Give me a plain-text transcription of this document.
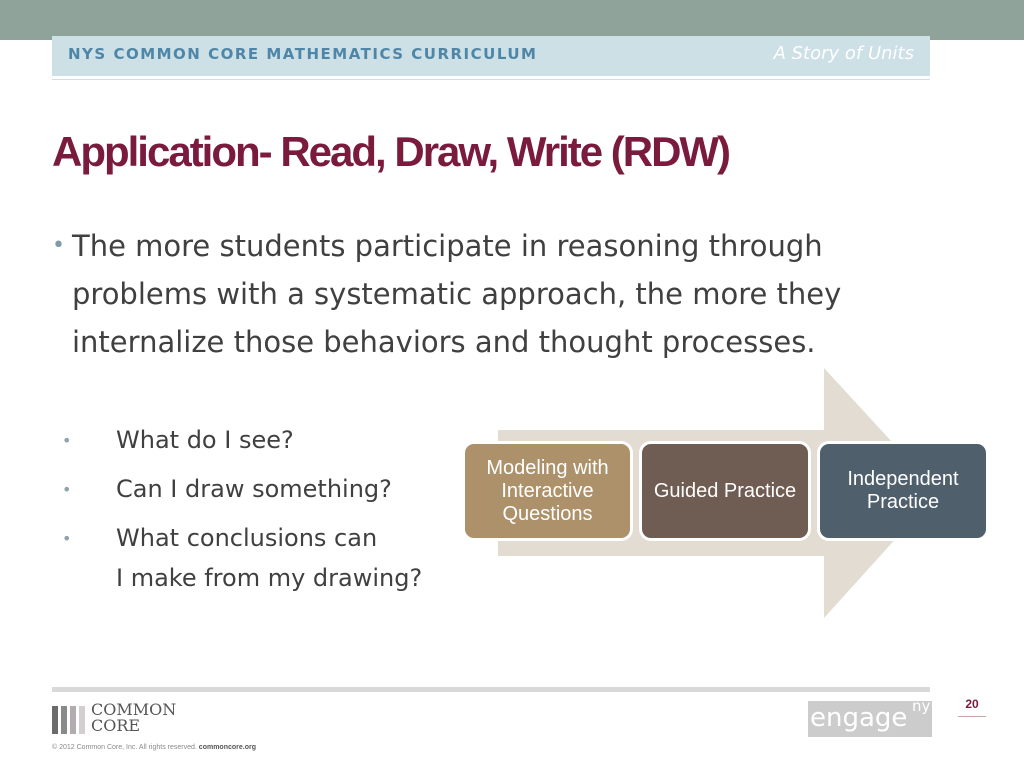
NYS COMMON CORE MATHEMATICS CURRICULUM	A Story of Units
Application- Read, Draw, Write (RDW)
• The more students participate in reasoning through problems with a systematic approach, the more they internalize those behaviors and thought processes.
•	What do I see?
•	Can I draw something?
•	What conclusions can
I make from my drawing?
Modeling with Interactive Questions
Guided Practice
Independent Practice
COMMON
CORE
© 2012 Common Core, Inc. All rights reserved. commoncore.org
engage ny	20
